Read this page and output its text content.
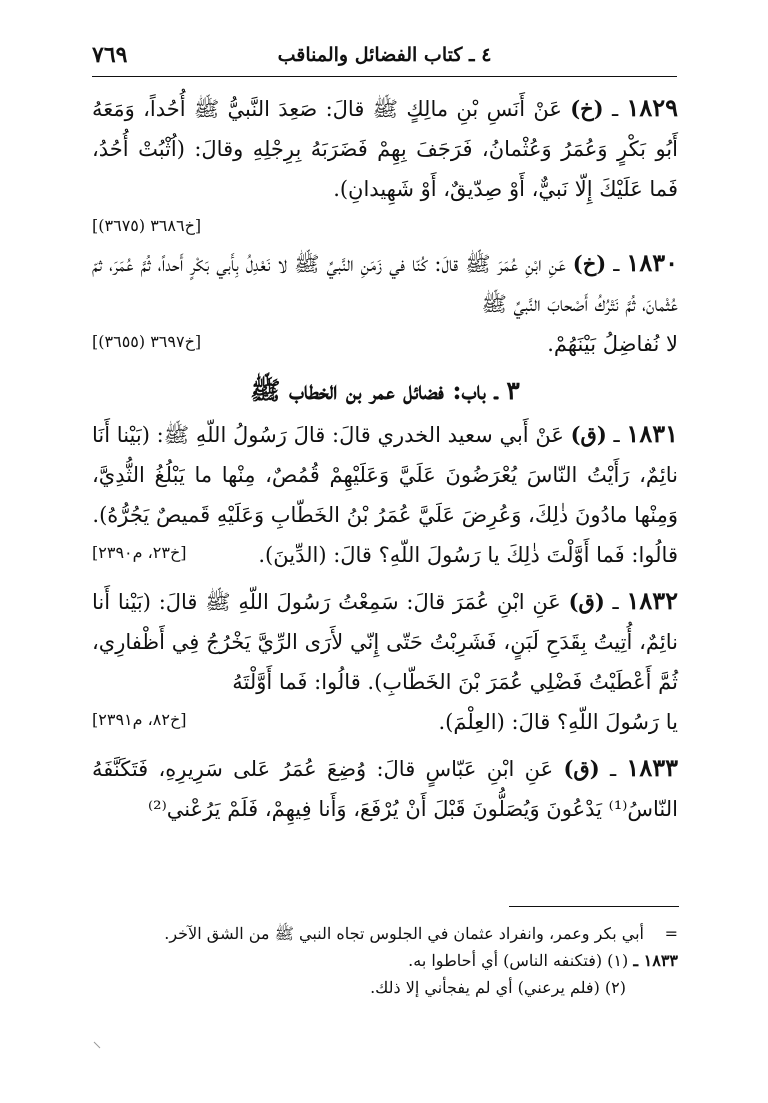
٧٦٩	٤ ـ كتاب الفضائل والمناقب

١٨٢٩ ـ (خ) عَنْ أَنَسِ بْنِ مالِكٍ ﷺ قالَ: صَعِدَ النَّبيُّ ﷺ أُحُداً، وَمَعَهُ أَبُو بَكْرٍ وَعُمَرُ وَعُثْمانُ، فَرَجَفَ بِهِمْ فَضَرَبَهُ بِرِجْلِهِ وقالَ: (اُثْبُتْ أُحُدُ، فَما عَلَيْكَ إِلّا نَبيٌّ، أَوْ صِدّيقٌ، أَوْ شَهِيدانِ).

[خ٣٦٨٦ (٣٦٧٥)]

١٨٣٠ ـ (خ) عَنِ ابْنِ عُمَرَ ﷺ قالَ: كُنّا في زَمَنِ النَّبيِّ ﷺ لا نَعْدِلُ بِأَبي بَكْرٍ أَحداً، ثُمَّ عُمَرَ، ثمّ عُثْمانَ، ثُمَّ نَتْرُكُ أَصْحابَ النَّبيِّ ﷺ

لا نُفاضِلُ بَيْنَهُمْ.
[خ٣٦٩٧ (٣٦٥٥)]
٣ ـ باب: فضائل عمر بن الخطاب ﷺ

١٨٣١ ـ (ق) عَنْ أَبي سعيد الخدري قالَ: قالَ رَسُولُ اللّهِ ﷺ: (بَيْنا أَنَا نائِمٌ، رَأَيْتُ النّاسَ يُعْرَضُونَ عَلَيَّ وَعَلَيْهِمْ قُمُصٌ، مِنْها ما يَبْلُغُ الثُّدِيَّ، وَمِنْها مادُونَ ذٰلِكَ، وَعُرِضَ عَلَيَّ عُمَرُ بْنُ الخَطّابِ وَعَلَيْهِ قَميصٌ يَجُرُّهُ).

قالُوا: فَما أَوَّلْتَ ذٰلِكَ يا رَسُولَ اللّهِ؟ قالَ: (الدِّينَ).
[خ٢٣، م٢٣٩٠]

١٨٣٢ ـ (ق) عَنِ ابْنِ عُمَرَ قالَ: سَمِعْتُ رَسُولَ اللّهِ ﷺ قالَ: (بَيْنا أَنا نائِمٌ، أُتِيتُ بِقَدَحِ لَبَنٍ، فَشَرِبْتُ حَتّى إِنّي لأَرَى الرِّيَّ يَخْرُجُ فِي أَظْفارِي، ثُمَّ أَعْطَيْتُ فَضْلِي عُمَرَ بْنَ الخَطّابِ). قالُوا: فَما أَوَّلْتَهُ

يا رَسُولَ اللّهِ؟ قالَ: (العِلْمَ).
[خ٨٢، م٢٣٩١]

١٨٣٣ ـ (ق) عَنِ ابْنِ عَبّاسٍ قالَ: وُضِعَ عُمَرُ عَلى سَرِيرِهِ، فَتَكَنَّفَهُ النّاسُ⁽¹⁾ يَدْعُونَ وَيُصَلُّونَ قَبْلَ أَنْ يُرْفَعَ، وَأَنا فِيهِمْ، فَلَمْ يَرُعْني⁽²⁾

=
أبي بكر وعمر، وانفراد عثمان في الجلوس تجاه النبي ﷺ من الشق الآخر.

١٨٣٣ ـ (١) (فتكنفه الناس) أي أحاطوا به.

(٢) (فلم يرعني) أي لم يفجأني إلا ذلك.
